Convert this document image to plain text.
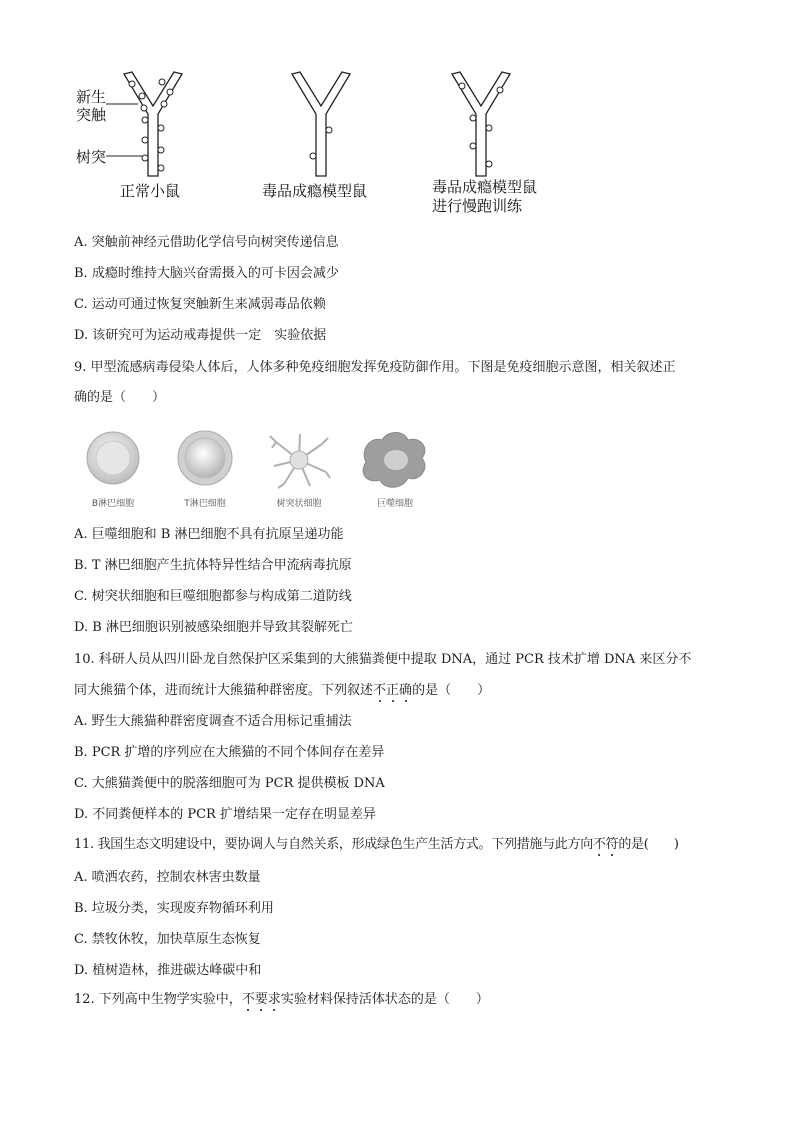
新生
突触
树突
正常小鼠	毒品成瘾模型鼠	毒品成瘾模型鼠
进行慢跑训练
A. 突触前神经元借助化学信号向树突传递信息
B. 成瘾时维持大脑兴奋需摄入的可卡因会减少
C. 运动可通过恢复突触新生来减弱毒品依赖
D. 该研究可为运动戒毒提供一定　实验依据
9. 甲型流感病毒侵染人体后，人体多种免疫细胞发挥免疫防御作用。下图是免疫细胞示意图，相关叙述正
确的是（　　）
B淋巴细胞	T淋巴细胞	树突状细胞	巨噬细胞
A. 巨噬细胞和 B 淋巴细胞不具有抗原呈递功能
B. T 淋巴细胞产生抗体特异性结合甲流病毒抗原
C. 树突状细胞和巨噬细胞都参与构成第二道防线
D. B 淋巴细胞识别被感染细胞并导致其裂解死亡
10. 科研人员从四川卧龙自然保护区采集到的大熊猫粪便中提取 DNA，通过 PCR 技术扩增 DNA 来区分不
同大熊猫个体，进而统计大熊猫种群密度。下列叙述不正确的是（　　）
A. 野生大熊猫种群密度调查不适合用标记重捕法
B. PCR 扩增的序列应在大熊猫的不同个体间存在差异
C. 大熊猫粪便中的脱落细胞可为 PCR 提供模板 DNA
D. 不同粪便样本的 PCR 扩增结果一定存在明显差异
11. 我国生态文明建设中，要协调人与自然关系，形成绿色生产生活方式。下列措施与此方向不符的是(　　)
A. 喷洒农药，控制农林害虫数量
B. 垃圾分类，实现废弃物循环利用
C. 禁牧休牧，加快草原生态恢复
D. 植树造林，推进碳达峰碳中和
12. 下列高中生物学实验中，不要求实验材料保持活体状态的是（　　）
